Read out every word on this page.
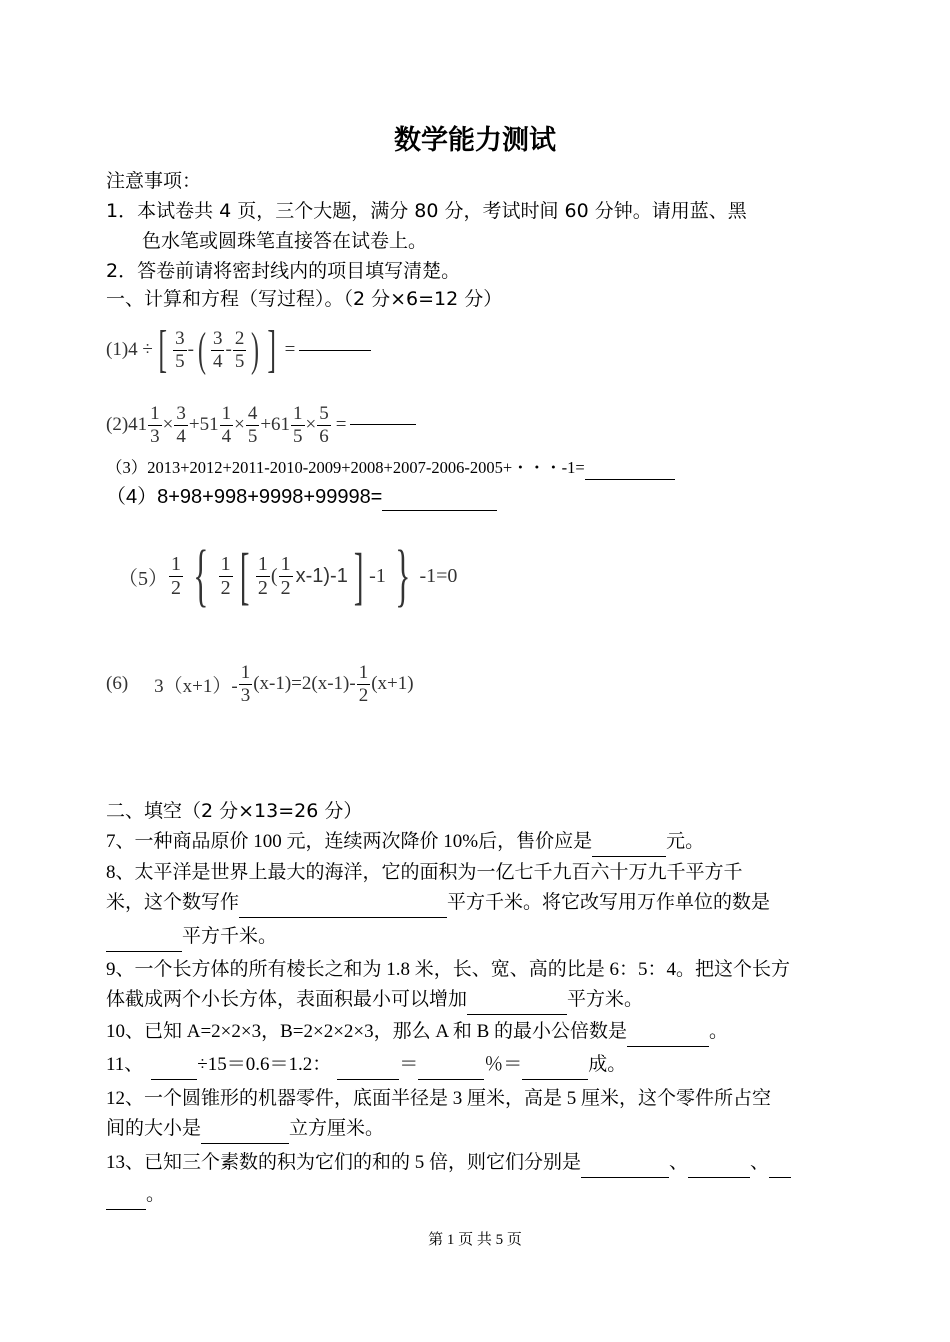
数学能力测试
注意事项：
1．本试卷共 4 页，三个大题，满分 80 分，考试时间 60 分钟。请用蓝、黑
色水笔或圆珠笔直接答在试卷上。
2．答卷前请将密封线内的项目填写清楚。
一、计算和方程（写过程）。（2 分×6=12 分）
(1)4 ÷ [ $\frac{3}{5}$ - ( $\frac{3}{4} - \frac{2}{5}$ ) ] =
$(2)41 \frac{1}{3} \times \frac{3}{4} +51 \frac{1}{4} \times \frac{4}{5} +61 \frac{1}{5} \times \frac{5}{6}$ =
（3）2013+2012+2011-2010-2009+2008+2007-2006-2005+・・・-1=
（4）8+98+998+9998+99998=
$(5) \frac{1}{2}$ { $\frac{1}{2}$ [ $\frac{1}{2}$ ( $\frac{1}{2} x-1$ )-1 ] -1 } -1=0
(6) $3(x+1)- \frac{1}{3} (x-1)=2(x-1)- \frac{1}{2} (x+1)$
二、填空（2 分×13=26 分）
7、一种商品原价 100 元，连续两次降价 10%后，售价应是	元。
8、太平洋是世界上最大的海洋，它的面积为一亿七千九百六十万九千平方千
米，这个数写作	平方千米。将它改写用万作单位的数是
平方千米。
9、一个长方体的所有棱长之和为 1.8 米，长、宽、高的比是 6：5：4。把这个长方
体截成两个小长方体，表面积最小可以增加	平方米。
10、已知 A=2×2×3，B=2×2×2×3，那么 A 和 B 的最小公倍数是	。
11、	÷15＝0.6＝1.2：	＝	％＝	成。
12、一个圆锥形的机器零件，底面半径是 3 厘米，高是 5 厘米，这个零件所占空
间的大小是	立方厘米。
13、已知三个素数的积为它们的和的 5 倍，则它们分别是	、	、
。
第 1 页 共 5 页
